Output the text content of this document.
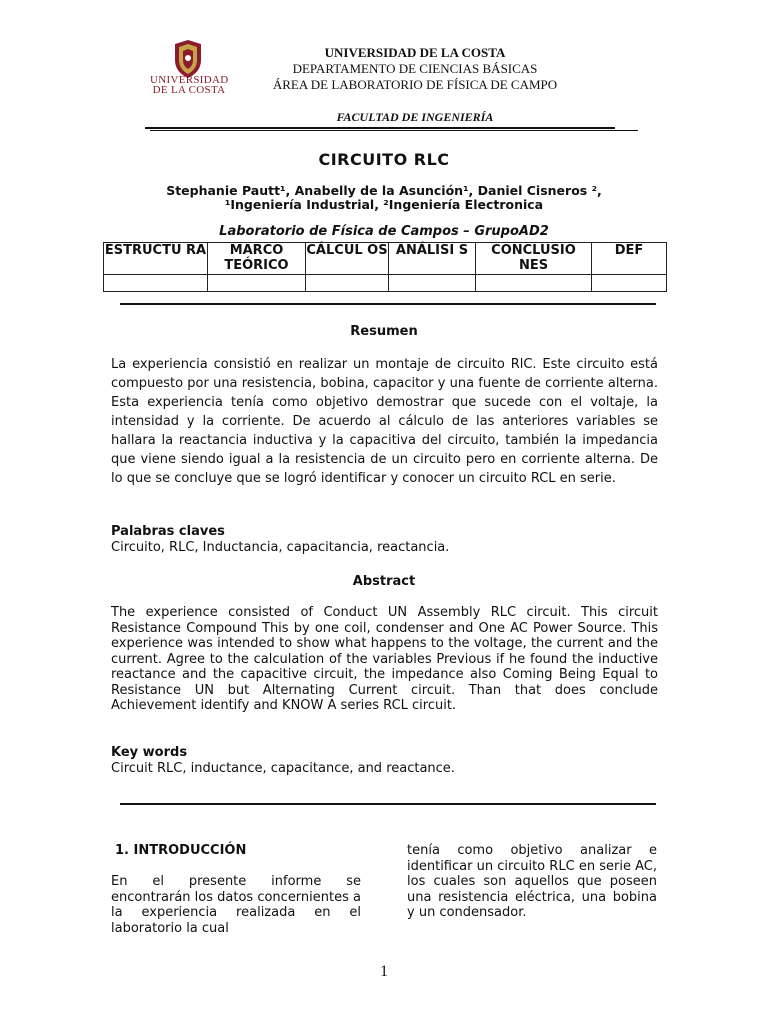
UNIVERSIDAD DE LA COSTA
UNIVERSIDAD DE LA COSTA
DEPARTAMENTO DE CIENCIAS BÁSICAS
ÁREA DE LABORATORIO DE FÍSICA DE CAMPO
FACULTAD DE INGENIERÍA
CIRCUITO RLC
Stephanie Pautt¹, Anabelly de la Asunción¹, Daniel Cisneros ²,
¹Ingeniería Industrial, ²Ingeniería Electronica
Laboratorio de Física de Campos – GrupoAD2
ESTRUCTU RA	MARCO TEÓRICO	CÁLCUL OS	ANÁLISI S	CONCLUSIO NES	DEF

Resumen
La experiencia consistió en realizar un montaje de circuito RlC. Este circuito está compuesto por una resistencia, bobina, capacitor y una fuente de corriente alterna. Esta experiencia tenía como objetivo demostrar que sucede con el voltaje, la intensidad y la corriente. De acuerdo al cálculo de las anteriores variables se hallara la reactancia inductiva y la capacitiva del circuito, también la impedancia que viene siendo igual a la resistencia de un circuito pero en corriente alterna. De lo que se concluye que se logró identificar y conocer un circuito RCL en serie.
Palabras claves
Circuito, RLC, Inductancia, capacitancia, reactancia.
Abstract
The experience consisted of Conduct UN Assembly RLC circuit. This circuit Resistance Compound This by one coil, condenser and One AC Power Source. This experience was intended to show what happens to the voltage, the current and the current. Agree to the calculation of the variables Previous if he found the inductive reactance and the capacitive circuit, the impedance also Coming Being Equal to Resistance UN but Alternating Current circuit. Than that does conclude Achievement identify and KNOW A series RCL circuit.
Key words
Circuit RLC, inductance, capacitance, and reactance.
1. INTRODUCCIÓN
En el presente informe se encontrarán los datos concernientes a la experiencia realizada en el laboratorio la cual
tenía como objetivo analizar e identificar un circuito RLC en serie AC, los cuales son aquellos que poseen una resistencia eléctrica, una bobina y un condensador.
1
